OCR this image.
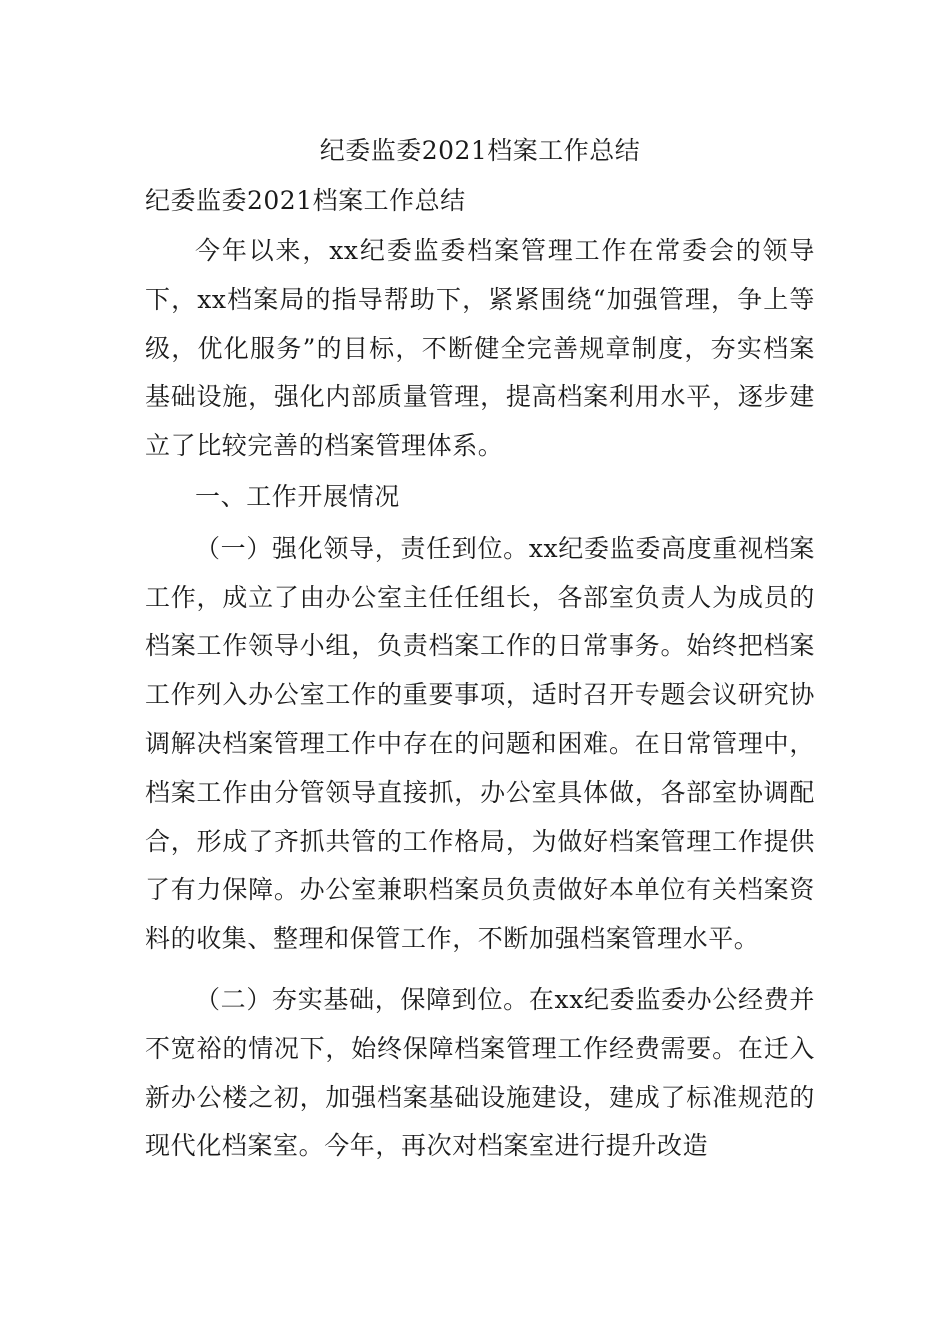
纪委监委2021档案工作总结
纪委监委2021档案工作总结

今年以来，xx纪委监委档案管理工作在常委会的领导下，xx档案局的指导帮助下，紧紧围绕“加强管理，争上等级，优化服务”的目标，不断健全完善规章制度，夯实档案基础设施，强化内部质量管理，提高档案利用水平，逐步建立了比较完善的档案管理体系。

一、工作开展情况

（一）强化领导，责任到位。xx纪委监委高度重视档案工作，成立了由办公室主任任组长，各部室负责人为成员的档案工作领导小组，负责档案工作的日常事务。始终把档案工作列入办公室工作的重要事项，适时召开专题会议研究协调解决档案管理工作中存在的问题和困难。在日常管理中，档案工作由分管领导直接抓，办公室具体做，各部室协调配合，形成了齐抓共管的工作格局，为做好档案管理工作提供了有力保障。办公室兼职档案员负责做好本单位有关档案资料的收集、整理和保管工作，不断加强档案管理水平。

（二）夯实基础，保障到位。在xx纪委监委办公经费并不宽裕的情况下，始终保障档案管理工作经费需要。在迁入新办公楼之初，加强档案基础设施建设，建成了标准规范的现代化档案室。今年，再次对档案室进行提升改造
